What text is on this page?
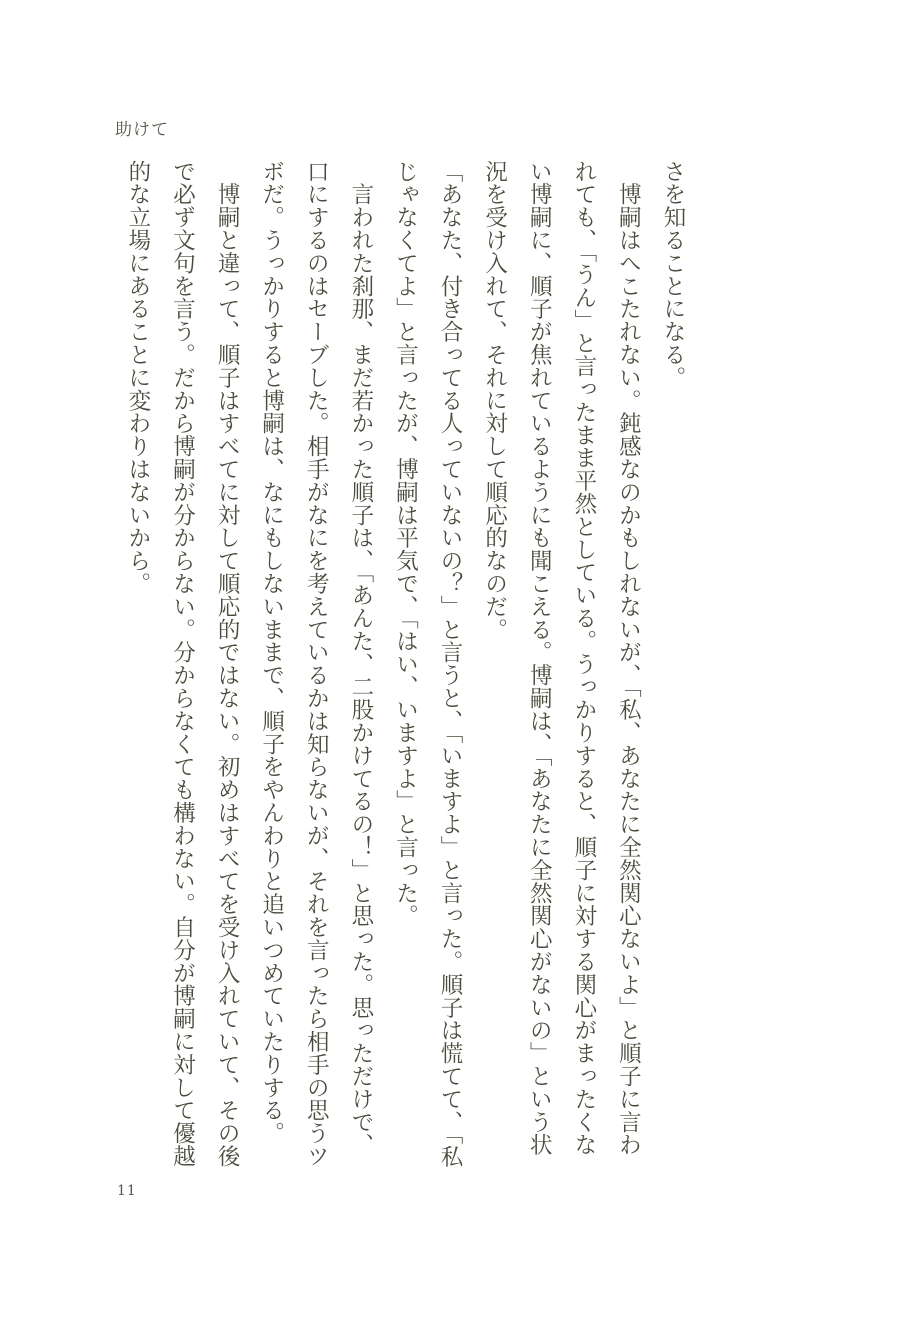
助けて

さを知ることになる。

　博嗣はへこたれない。鈍感なのかもしれないが、「私、あなたに全然関心ないよ」と順子に言われても、「うん」と言ったまま平然としている。うっかりすると、順子に対する関心がまったくない博嗣に、順子が焦れているようにも聞こえる。博嗣は、「あなたに全然関心がないの」という状況を受け入れて、それに対して順応的なのだ。

「あなた、付き合ってる人っていないの？」と言うと、「いますよ」と言った。順子は慌てて、「私じゃなくてよ」と言ったが、博嗣は平気で、「はい、いますよ」と言った。

　言われた刹那、まだ若かった順子は、「あんた、二股かけてるの！」と思った。思っただけで、口にするのはセーブした。相手がなにを考えているかは知らないが、それを言ったら相手の思うツボだ。うっかりすると博嗣は、なにもしないままで、順子をやんわりと追いつめていたりする。

　博嗣と違って、順子はすべてに対して順応的ではない。初めはすべてを受け入れていて、その後で必ず文句を言う。だから博嗣が分からない。分からなくても構わない。自分が博嗣に対して優越的な立場にあることに変わりはないから。

11
